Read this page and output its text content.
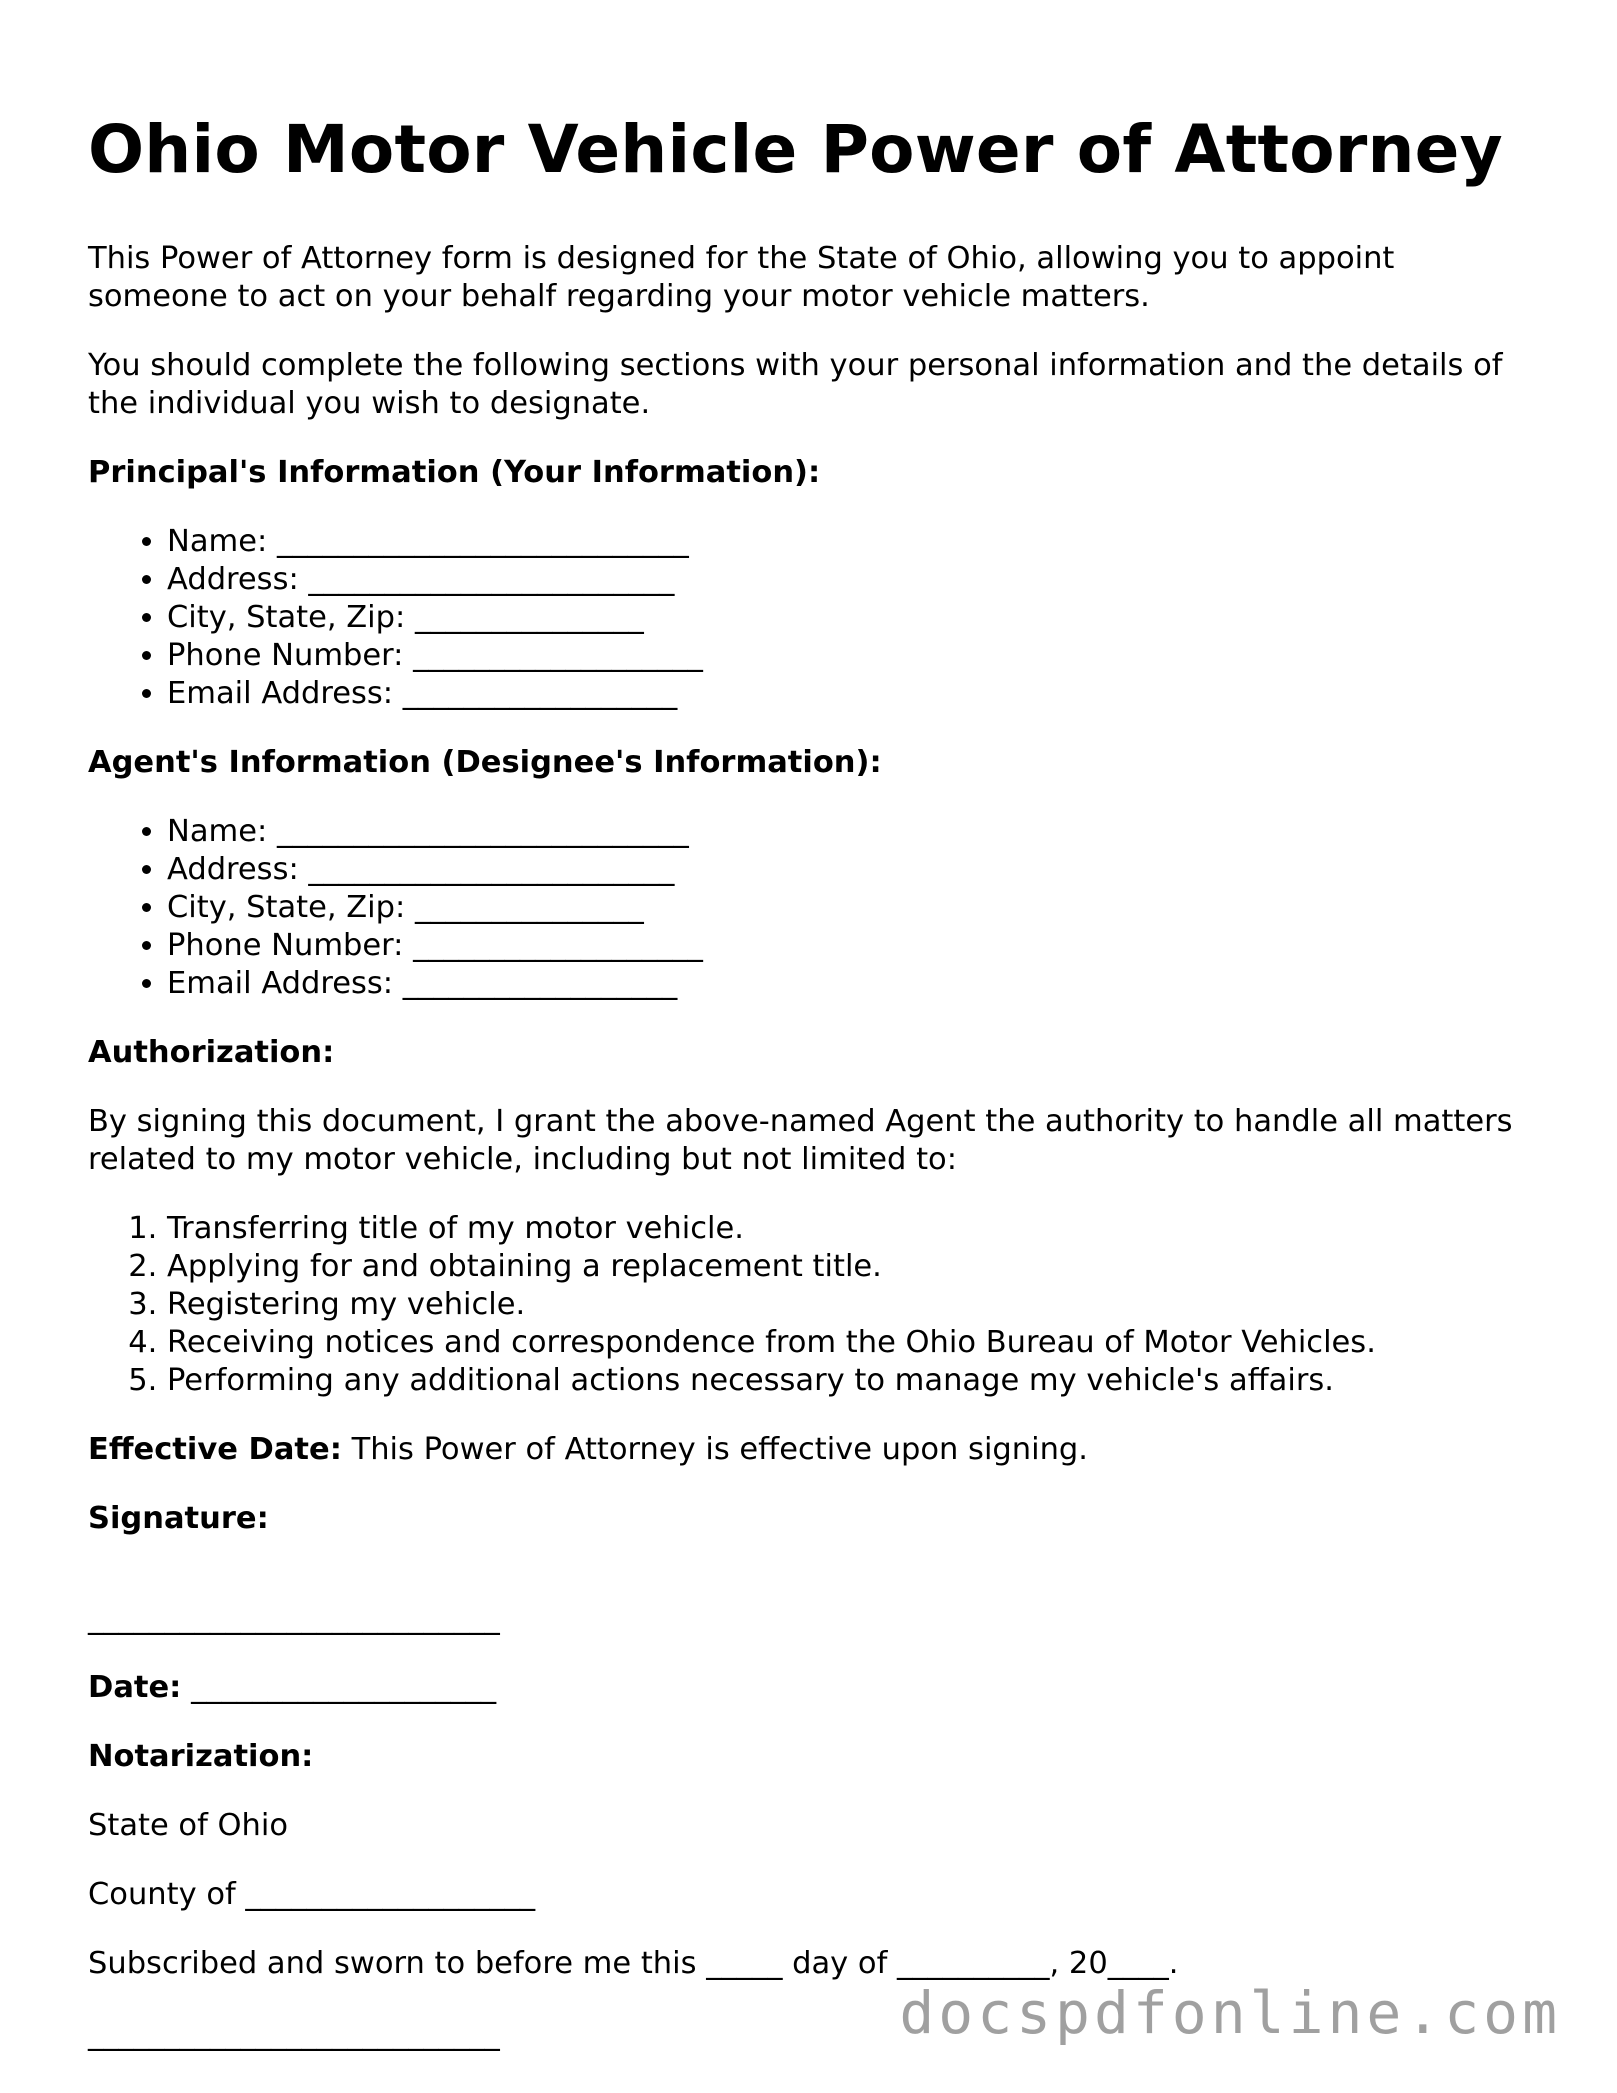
Ohio Motor Vehicle Power of Attorney

This Power of Attorney form is designed for the State of Ohio, allowing you to appoint someone to act on your behalf regarding your motor vehicle matters.

You should complete the following sections with your personal information and the details of the individual you wish to designate.

Principal's Information (Your Information):
• Name: ___________________________
• Address: ________________________
• City, State, Zip: _______________
• Phone Number: ___________________
• Email Address: __________________
Agent's Information (Designee's Information):
• Name: ___________________________
• Address: ________________________
• City, State, Zip: _______________
• Phone Number: ___________________
• Email Address: __________________
Authorization:

By signing this document, I grant the above-named Agent the authority to handle all matters related to my motor vehicle, including but not limited to:

1. Transferring title of my motor vehicle.
2. Applying for and obtaining a replacement title.
3. Registering my vehicle.
4. Receiving notices and correspondence from the Ohio Bureau of Motor Vehicles.
5. Performing any additional actions necessary to manage my vehicle's affairs.

Effective Date: This Power of Attorney is effective upon signing.

Signature:
___________________________

Date: ____________________

Notarization:

State of Ohio

County of ___________________

Subscribed and sworn to before me this _____ day of __________, 20____.

___________________________	docspdfonline.com
